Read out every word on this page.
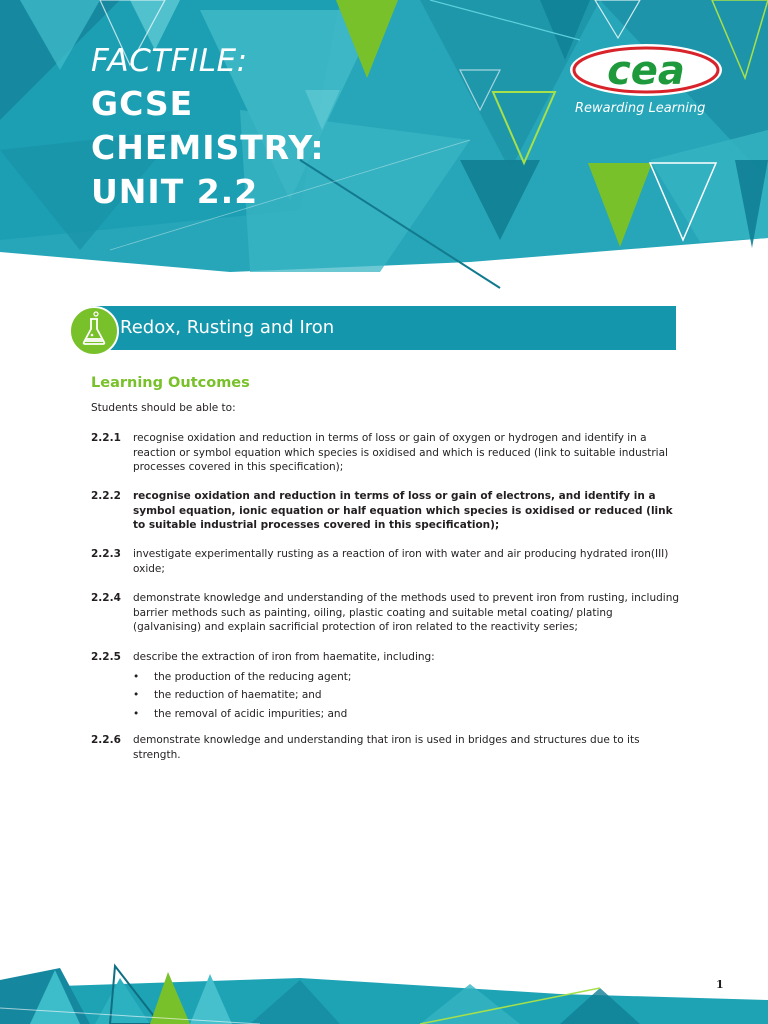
FACTFILE:
GCSE
CHEMISTRY:
UNIT 2.2
cea
Rewarding Learning
Redox, Rusting and Iron
Learning Outcomes
Students should be able to:
2.2.1 recognise oxidation and reduction in terms of loss or gain of oxygen or hydrogen and identify in a reaction or symbol equation which species is oxidised and which is reduced (link to suitable industrial processes covered in this specification);
2.2.2 recognise oxidation and reduction in terms of loss or gain of electrons, and identify in a symbol equation, ionic equation or half equation which species is oxidised or reduced (link to suitable industrial processes covered in this specification);
2.2.3 investigate experimentally rusting as a reaction of iron with water and air producing hydrated iron(III) oxide;
2.2.4 demonstrate knowledge and understanding of the methods used to prevent iron from rusting, including barrier methods such as painting, oiling, plastic coating and suitable metal coating/ plating (galvanising) and explain sacrificial protection of iron related to the reactivity series;
2.2.5 describe the extraction of iron from haematite, including:
• the production of the reducing agent;
• the reduction of haematite; and
• the removal of acidic impurities; and
2.2.6 demonstrate knowledge and understanding that iron is used in bridges and structures due to its strength.
1
